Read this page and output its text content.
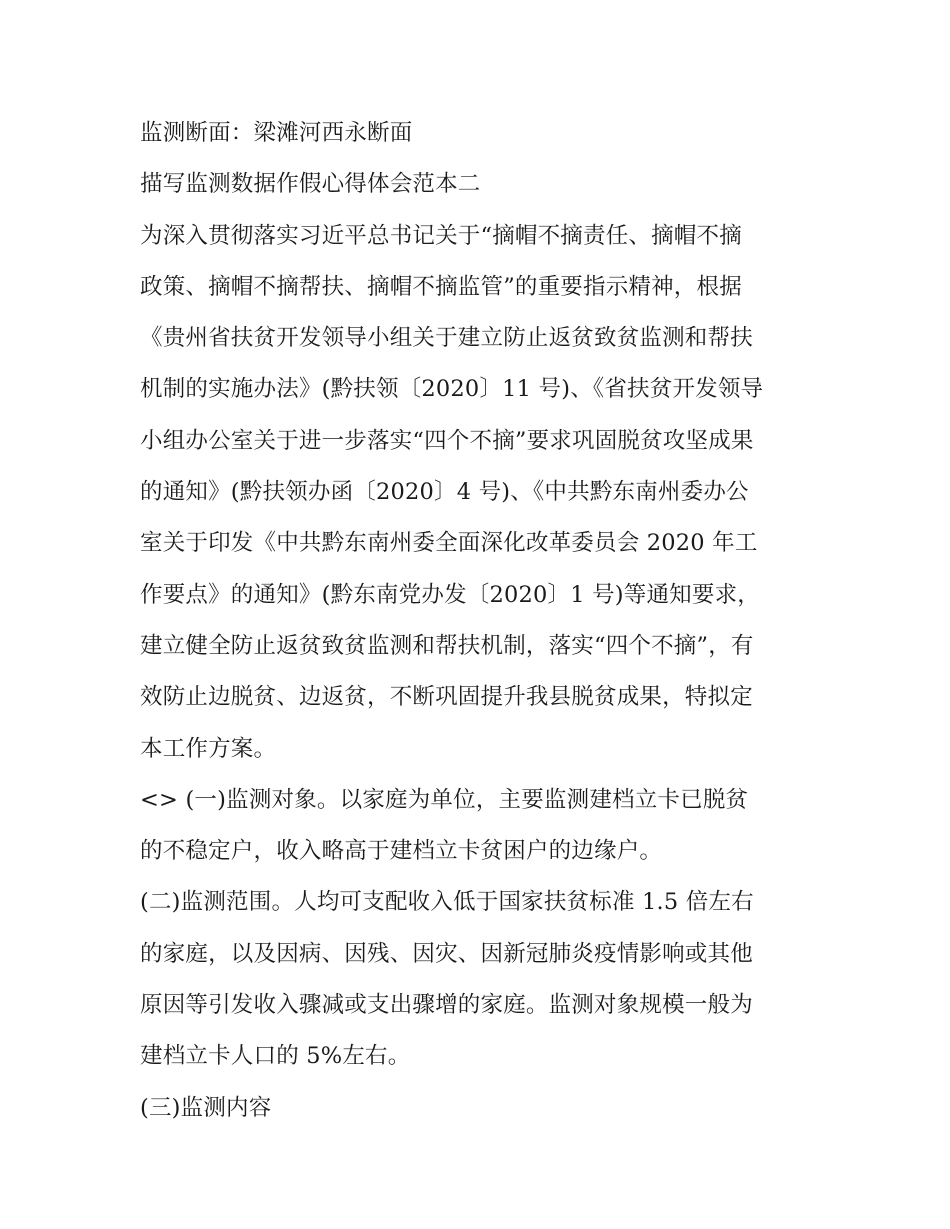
监测断面：梁滩河西永断面
描写监测数据作假心得体会范本二
为深入贯彻落实习近平总书记关于“摘帽不摘责任、摘帽不摘
政策、摘帽不摘帮扶、摘帽不摘监管”的重要指示精神，根据
《贵州省扶贫开发领导小组关于建立防止返贫致贫监测和帮扶
机制的实施办法》(黔扶领〔2020〕11 号)、《省扶贫开发领导
小组办公室关于进一步落实“四个不摘”要求巩固脱贫攻坚成果
的通知》(黔扶领办函〔2020〕4 号)、《中共黔东南州委办公
室关于印发《中共黔东南州委全面深化改革委员会 2020 年工
作要点》的通知》(黔东南党办发〔2020〕1 号)等通知要求，
建立健全防止返贫致贫监测和帮扶机制，落实“四个不摘”，有
效防止边脱贫、边返贫，不断巩固提升我县脱贫成果，特拟定
本工作方案。
<> (一)监测对象。以家庭为单位，主要监测建档立卡已脱贫
的不稳定户，收入略高于建档立卡贫困户的边缘户。
(二)监测范围。人均可支配收入低于国家扶贫标准 1.5 倍左右
的家庭，以及因病、因残、因灾、因新冠肺炎疫情影响或其他
原因等引发收入骤减或支出骤增的家庭。监测对象规模一般为
建档立卡人口的 5%左右。
(三)监测内容
